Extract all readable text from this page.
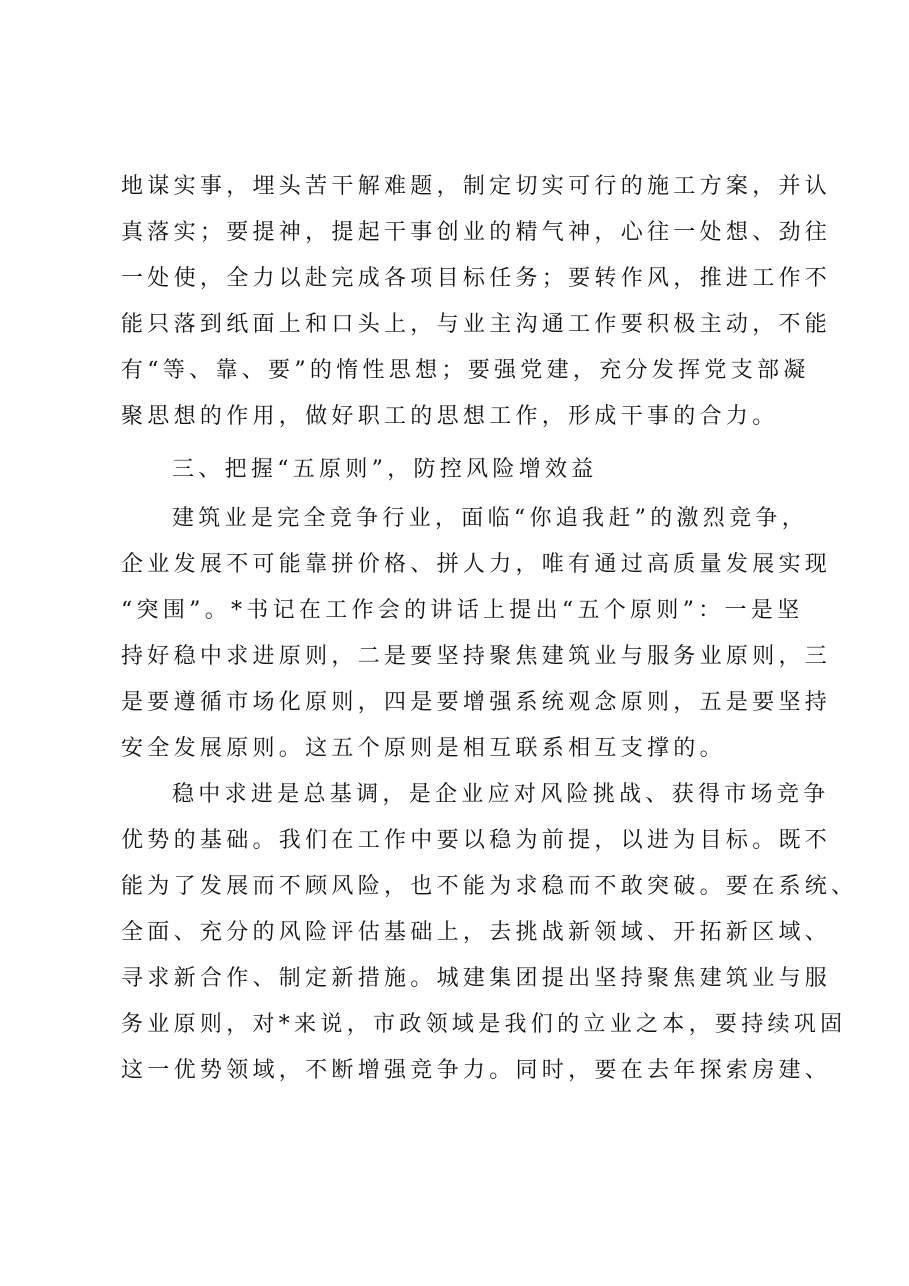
地谋实事，埋头苦干解难题，制定切实可行的施工方案，并认
真落实；要提神，提起干事创业的精气神，心往一处想、劲往
一处使，全力以赴完成各项目标任务；要转作风，推进工作不
能只落到纸面上和口头上，与业主沟通工作要积极主动，不能
有“等、靠、要”的惰性思想；要强党建，充分发挥党支部凝
聚思想的作用，做好职工的思想工作，形成干事的合力。
三、把握“五原则”，防控风险增效益
建筑业是完全竞争行业，面临“你追我赶”的激烈竞争，
企业发展不可能靠拼价格、拼人力，唯有通过高质量发展实现
“突围”。*书记在工作会的讲话上提出“五个原则”：一是坚
持好稳中求进原则，二是要坚持聚焦建筑业与服务业原则，三
是要遵循市场化原则，四是要增强系统观念原则，五是要坚持
安全发展原则。这五个原则是相互联系相互支撑的。
稳中求进是总基调，是企业应对风险挑战、获得市场竞争
优势的基础。我们在工作中要以稳为前提，以进为目标。既不
能为了发展而不顾风险，也不能为求稳而不敢突破。要在系统、
全面、充分的风险评估基础上，去挑战新领域、开拓新区域、
寻求新合作、制定新措施。城建集团提出坚持聚焦建筑业与服
务业原则，对*来说，市政领域是我们的立业之本，要持续巩固
这一优势领域，不断增强竞争力。同时，要在去年探索房建、
